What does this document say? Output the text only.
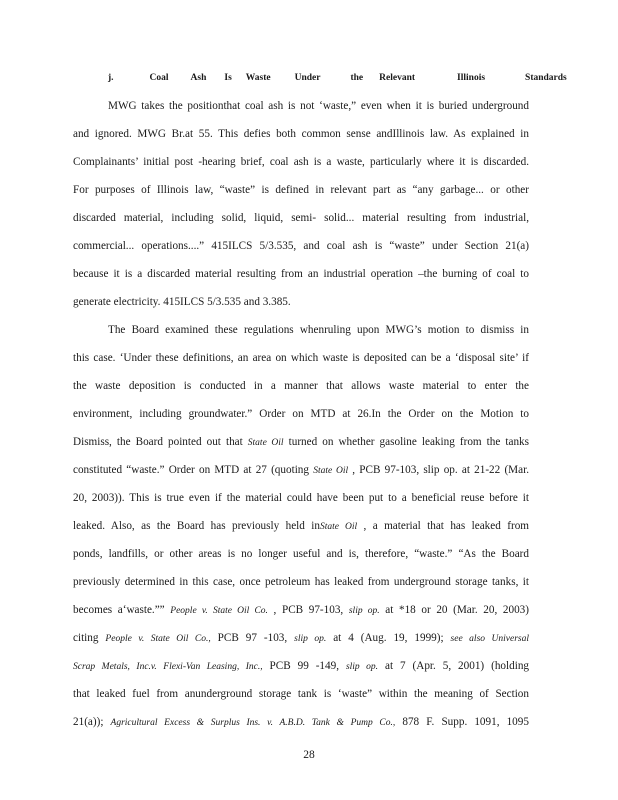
j.	Coal Ash Is Waste	Under	the Relevant	Illinois	Standards
MWG takes the positionthat coal ash is not ‘waste,” even when it is buried underground
and ignored. MWG Br.at 55. This defies both common sense andIllinois law. As explained in
Complainants’ initial post -hearing brief, coal ash is a waste, particularly where it is discarded.
For purposes of Illinois law, “waste” is defined in relevant part as “any garbage... or other
discarded material, including solid, liquid, semi- solid... material resulting from industrial,
commercial... operations....” 415ILCS 5/3.535, and coal ash is “waste” under Section 21(a)
because it is a discarded material resulting from an industrial operation –the burning of coal to
generate electricity. 415ILCS 5/3.535 and 3.385.
The Board examined these regulations whenruling upon MWG’s motion to dismiss in
this case. ‘Under these definitions, an area on which waste is deposited can be a ‘disposal site’ if
the waste deposition is conducted in a manner that allows waste material to enter the
environment, including groundwater.” Order on MTD at 26.In the Order on the Motion to
Dismiss, the Board pointed out that State Oil turned on whether gasoline leaking from the tanks
constituted “waste.” Order on MTD at 27 (quoting State Oil , PCB 97-103, slip op. at 21-22 (Mar.
20, 2003)). This is true even if the material could have been put to a beneficial reuse before it
leaked. Also, as the Board has previously held inState Oil , a material that has leaked from
ponds, landfills, or other areas is no longer useful and is, therefore, “waste.” “As the Board
previously determined in this case, once petroleum has leaked from underground storage tanks, it
becomes a‘waste.”” People v. State Oil Co. , PCB 97-103, slip op. at *18 or 20 (Mar. 20, 2003)
citing People v. State Oil Co., PCB 97 -103, slip op. at 4 (Aug. 19, 1999); see also Universal
Scrap Metals, Inc.v. Flexi-Van Leasing, Inc., PCB 99 -149, slip op. at 7 (Apr. 5, 2001) (holding
that leaked fuel from anunderground storage tank is ‘waste” within the meaning of Section
21(a)); Agricultural Excess & Surplus Ins. v. A.B.D. Tank & Pump Co., 878 F. Supp. 1091, 1095
28
